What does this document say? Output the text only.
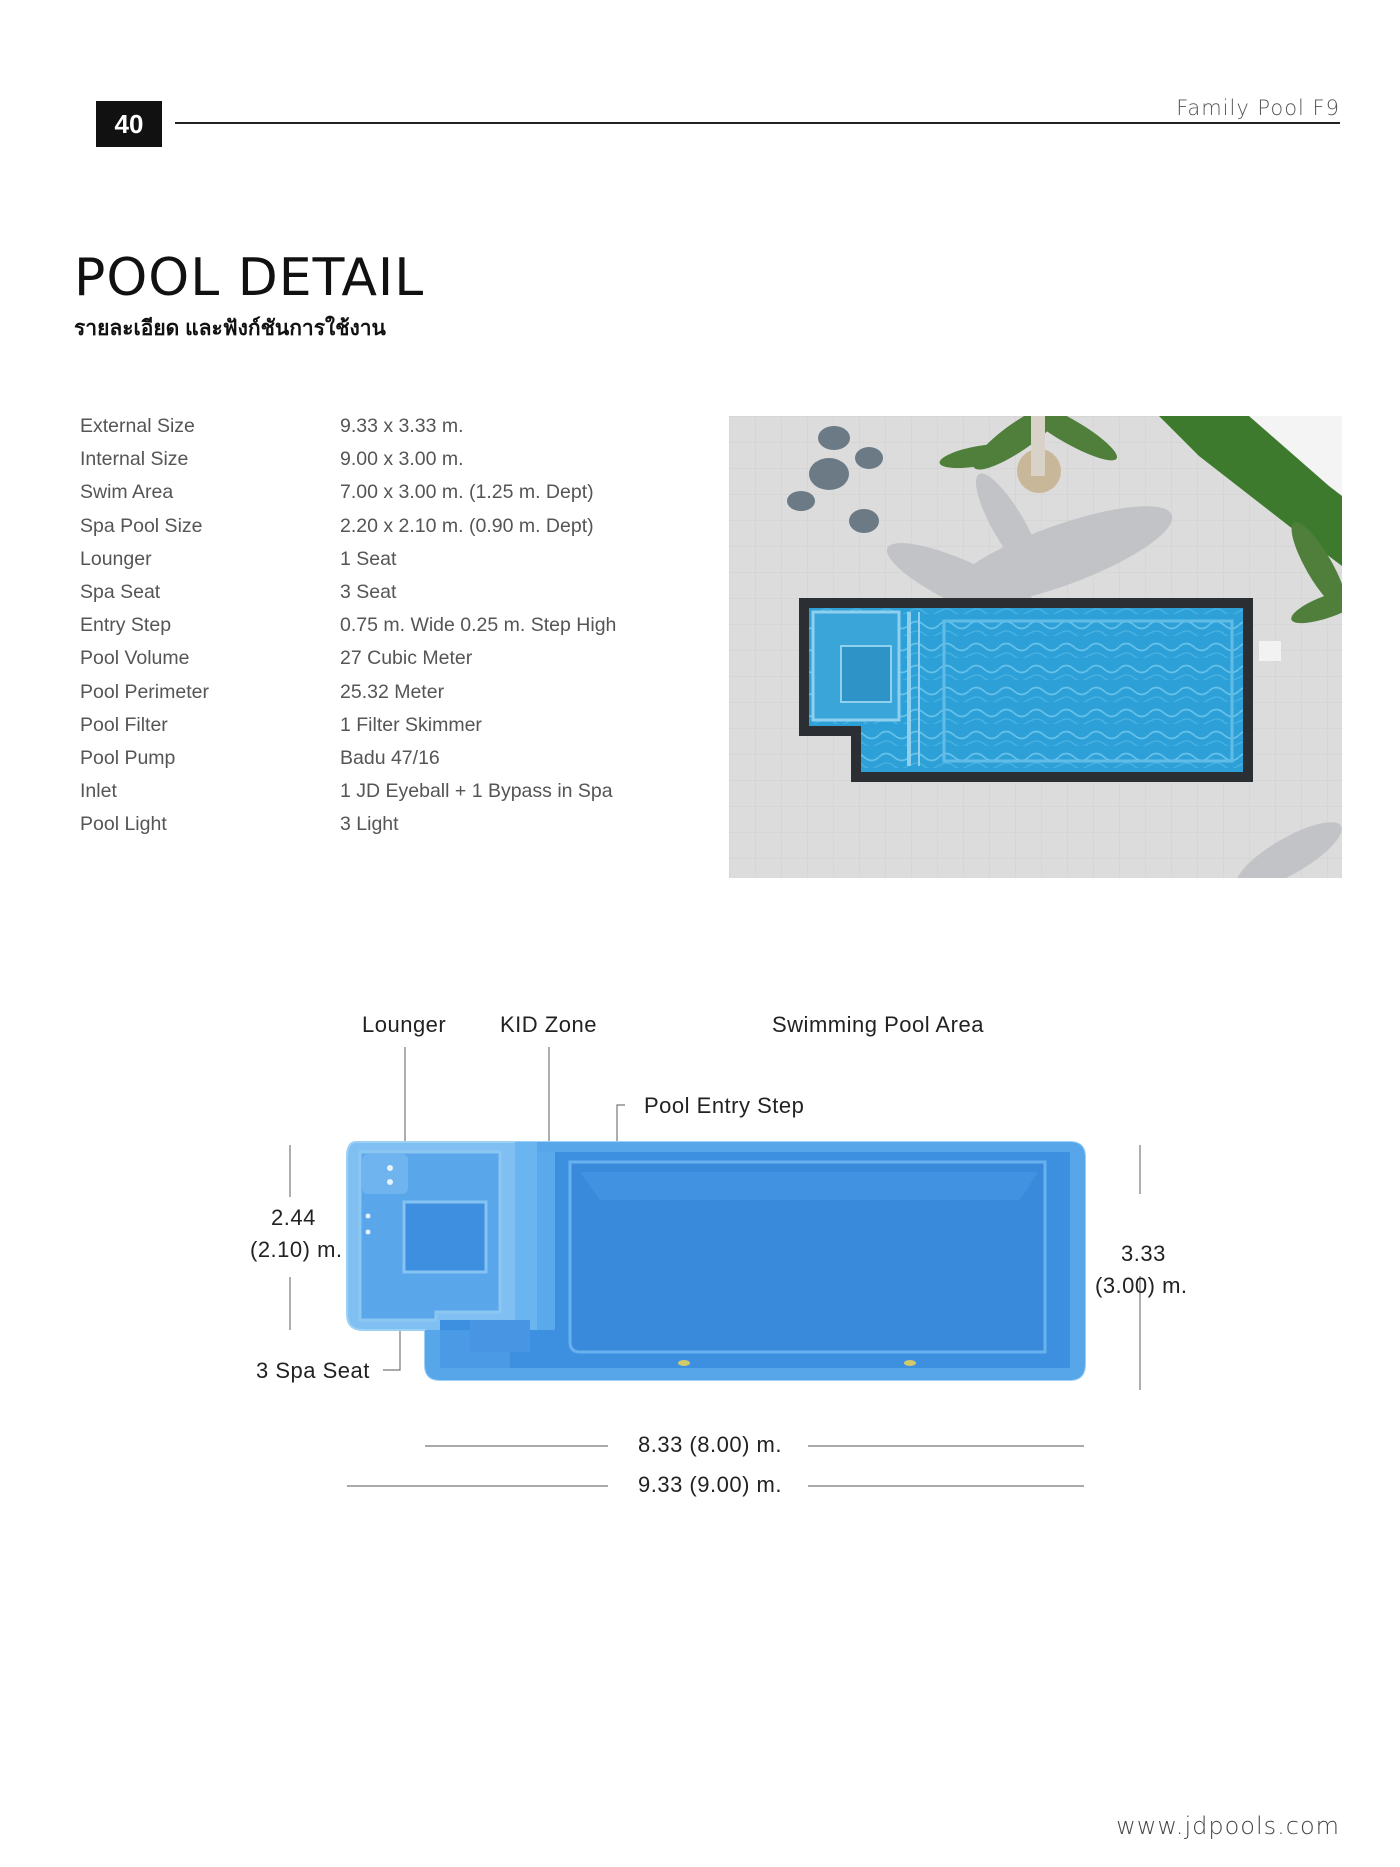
40
Family Pool F9
POOL DETAIL
รายละเอียด และฟังก์ชันการใช้งาน
External Size	9.33 x 3.33 m.
Internal Size	9.00 x 3.00 m.
Swim Area	7.00 x 3.00 m. (1.25 m. Dept)
Spa Pool Size	2.20 x 2.10 m. (0.90 m. Dept)
Lounger	1 Seat
Spa Seat	3 Seat
Entry Step	0.75 m. Wide 0.25 m. Step High
Pool Volume	27 Cubic Meter
Pool Perimeter	25.32 Meter
Pool Filter	1 Filter Skimmer
Pool Pump	Badu 47/16
Inlet	1 JD Eyeball + 1 Bypass in Spa
Pool Light	3 Light
Lounger KID Zone	Swimming Pool Area
Pool Entry Step
3 Spa Seat
2.44
(2.10) m.	3.33
(3.00) m.
8.33 (8.00) m.
9.33 (9.00) m.
www.jdpools.com
